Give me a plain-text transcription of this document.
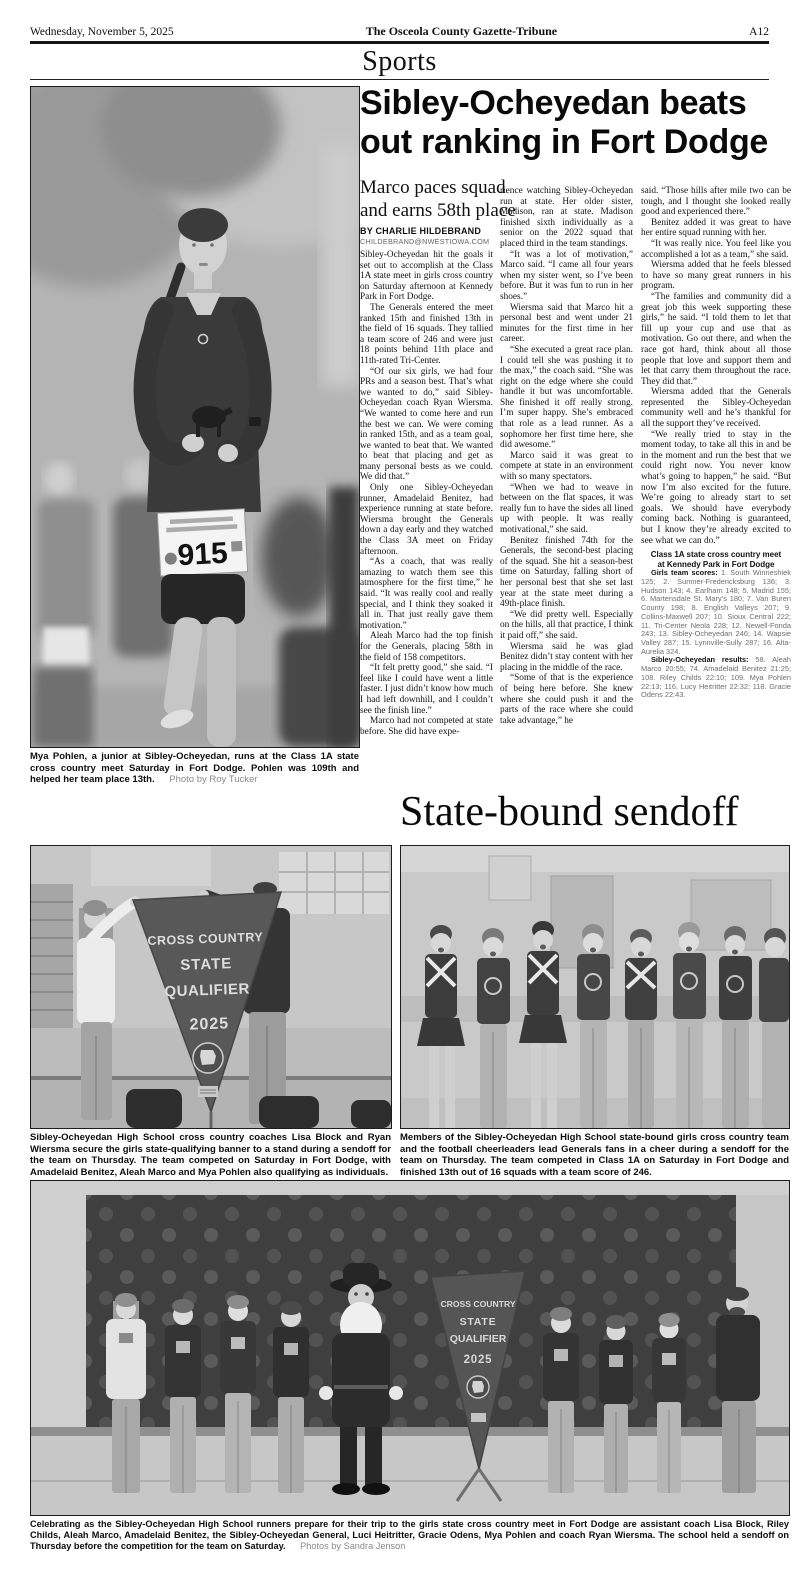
Wednesday, November 5, 2025	The Osceola County Gazette-Tribune	A12
Sports
915
Mya Pohlen, a junior at Sibley-Ocheyedan, runs at the Class 1A state cross country meet Saturday in Fort Dodge. Pohlen was 109th and helped her team place 13th. Photo by Roy Tucker
Sibley-Ocheyedan beats out ranking in Fort Dodge
Marco paces squad and earns 58th place
BY CHARLIE HILDEBRAND
CHILDEBRAND@NWESTIOWA.COM

Sibley-Ocheyedan hit the goals it set out to accomplish at the Class 1A state meet in girls cross country on Saturday afternoon at Kennedy Park in Fort Dodge.

The Generals entered the meet ranked 15th and finished 13th in the field of 16 squads. They tallied a team score of 246 and were just 18 points behind 11th place and 11th-rated Tri-Center.

“Of our six girls, we had four PRs and a season best. That’s what we wanted to do,” said Sibley-Ocheyedan coach Ryan Wiersma. “We wanted to come here and run the best we can. We were coming in ranked 15th, and as a team goal, we wanted to beat that. We wanted to beat that placing and get as many personal bests as we could. We did that.”

Only one Sibley-Ocheyedan runner, Amadelaid Benitez, had experience running at state before. Wiersma brought the Generals down a day early and they watched the Class 3A meet on Friday afternoon.

“As a coach, that was really amazing to watch them see this atmosphere for the first time,” he said. “It was really cool and really special, and I think they soaked it all in. That just really gave them motivation.”

Aleah Marco had the top finish for the Generals, placing 58th in the field of 158 competitors.

“It felt pretty good,” she said. “I feel like I could have went a little faster. I just didn’t know how much I had left downhill, and I couldn’t see the finish line.”

Marco had not competed at state before. She did have expe-

rience watching Sibley-Ocheyedan run at state. Her older sister, Madison, ran at state. Madison finished sixth individually as a senior on the 2022 squad that placed third in the team standings.

“It was a lot of motivation,” Marco said. “I came all four years when my sister went, so I’ve been before. But it was fun to run in her shoes.”

Wiersma said that Marco hit a personal best and went under 21 minutes for the first time in her career.

“She executed a great race plan. I could tell she was pushing it to the max,” the coach said. “She was right on the edge where she could handle it but was uncomfortable. She finished it off really strong. I’m super happy. She’s embraced that role as a lead runner. As a sophomore her first time here, she did awesome.”

Marco said it was great to compete at state in an environment with so many spectators.

“When we had to weave in between on the flat spaces, it was really fun to have the sides all lined up with people. It was really motivational,” she said.

Benitez finished 74th for the Generals, the second-best placing of the squad. She hit a season-best time on Saturday, falling short of her personal best that she set last year at the state meet during a 49th-place finish.

“We did pretty well. Especially on the hills, all that practice, I think it paid off,” she said.

Wiersma said he was glad Benitez didn’t stay content with her placing in the middle of the race.

“Some of that is the experience of being here before. She knew where she could push it and the parts of the race where she could take advantage,” he

said. “Those hills after mile two can be tough, and I thought she looked really good and experienced there.”

Benitez added it was great to have her entire squad running with her.

“It was really nice. You feel like you accomplished a lot as a team,” she said.

Wiersma added that he feels blessed to have so many great runners in his program.

“The families and community did a great job this week supporting these girls,” he said. “I told them to let that fill up your cup and use that as motivation. Go out there, and when the race got hard, think about all those people that love and support them and let that carry them throughout the race. They did that.”

Wiersma added that the Generals represented the Sibley-Ocheyedan community well and he’s thankful for all the support they’ve received.

“We really tried to stay in the moment today, to take all this in and be in the moment and run the best that we could right now. You never know what’s going to happen,” he said. “But now I’m also excited for the future. We’re going to already start to set goals. We should have everybody coming back. Nothing is guaranteed, but I know they’re already excited to see what we can do.”

Class 1A state cross country meet
at Kennedy Park in Fort Dodge

Girls team scores: 1. South Winneshiek 125; 2. Sumner-Fredericksburg 136; 3. Hudson 143; 4. Earlham 148; 5. Madrid 155; 6. Martensdale St. Mary’s 180; 7. Van Buren County 198; 8. English Valleys 207; 9. Collins-Maxwell 207; 10. Sioux Central 222; 11. Tri-Center Neola 228; 12. Newell-Fonda 243; 13. Sibley-Ocheyedan 246; 14. Wapsie Valley 287; 15. Lynnville-Sully 287; 16. Alta-Aurelia 324.

Sibley-Ocheyedan results: 58. Aleah Marco 20:55; 74. Amadelaid Benitez 21:25; 108. Riley Childs 22:10; 109. Mya Pohlen 22:13; 116. Lucy Heitritter 22:32; 118. Gracie Odens 22:43.

State-bound sendoff
CROSS COUNTRY
STATE
QUALIFIER
2025
Sibley-Ocheyedan High School cross country coaches Lisa Block and Ryan Wiersma secure the girls state-qualifying banner to a stand during a sendoff for the team on Thursday. The team competed on Saturday in Fort Dodge, with Amadelaid Benitez, Aleah Marco and Mya Pohlen also qualifying as individuals.
Members of the Sibley-Ocheyedan High School state-bound girls cross country team and the football cheerleaders lead Generals fans in a cheer during a sendoff for the team on Thursday. The team competed in Class 1A on Saturday in Fort Dodge and finished 13th out of 16 squads with a team score of 246.
CROSS COUNTRY
STATE
QUALIFIER
2025
Celebrating as the Sibley-Ocheyedan High School runners prepare for their trip to the girls state cross country meet in Fort Dodge are assistant coach Lisa Block, Riley Childs, Aleah Marco, Amadelaid Benitez, the Sibley-Ocheyedan General, Luci Heitritter, Gracie Odens, Mya Pohlen and coach Ryan Wiersma. The school held a sendoff on Thursday before the competition for the team on Saturday. Photos by Sandra Jenson
